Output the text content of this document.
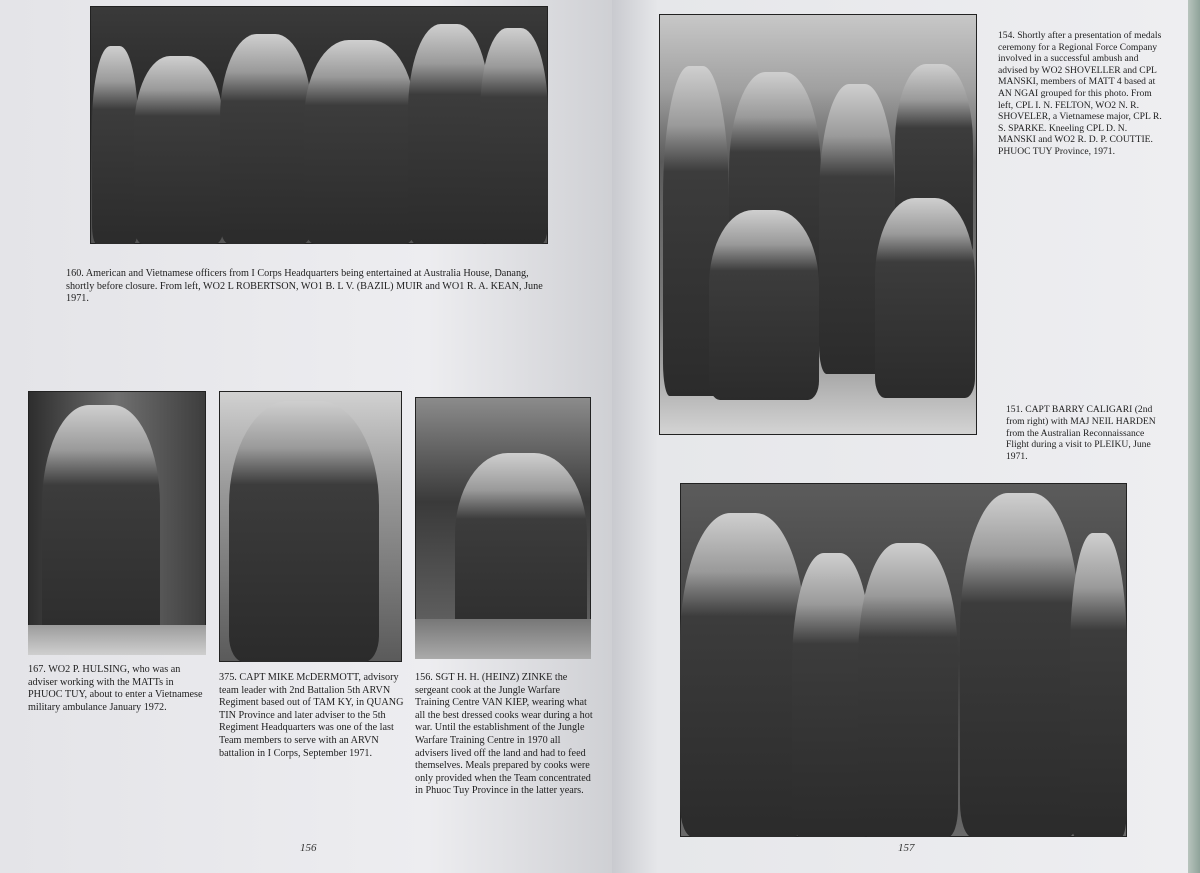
160. American and Vietnamese officers from I Corps Headquarters being entertained at Australia House, Danang, shortly before closure. From left, WO2 L ROBERTSON, WO1 B. L V. (BAZIL) MUIR and WO1 R. A. KEAN, June 1971.

167. WO2 P. HULSING, who was an adviser working with the MATTs in PHUOC TUY, about to enter a Vietnamese military ambulance January 1972.

375. CAPT MIKE McDERMOTT, advisory team leader with 2nd Battalion 5th ARVN Regiment based out of TAM KY, in QUANG TIN Province and later adviser to the 5th Regiment Headquarters was one of the last Team members to serve with an ARVN battalion in I Corps, September 1971.

156. SGT H. H. (HEINZ) ZINKE the sergeant cook at the Jungle Warfare Training Centre VAN KIEP, wearing what all the best dressed cooks wear during a hot war. Until the establishment of the Jungle Warfare Training Centre in 1970 all advisers lived off the land and had to feed themselves. Meals prepared by cooks were only provided when the Team concentrated in Phuoc Tuy Province in the latter years.

156

154. Shortly after a presentation of medals ceremony for a Regional Force Company involved in a successful ambush and advised by WO2 SHOVELLER and CPL MANSKI, members of MATT 4 based at AN NGAI grouped for this photo. From left, CPL I. N. FELTON, WO2 N. R. SHOVELER, a Vietnamese major, CPL R. S. SPARKE. Kneeling CPL D. N. MANSKI and WO2 R. D. P. COUTTIE. PHUOC TUY Province, 1971.

151. CAPT BARRY CALIGARI (2nd from right) with MAJ NEIL HARDEN from the Australian Reconnaissance Flight during a visit to PLEIKU, June 1971.

157
